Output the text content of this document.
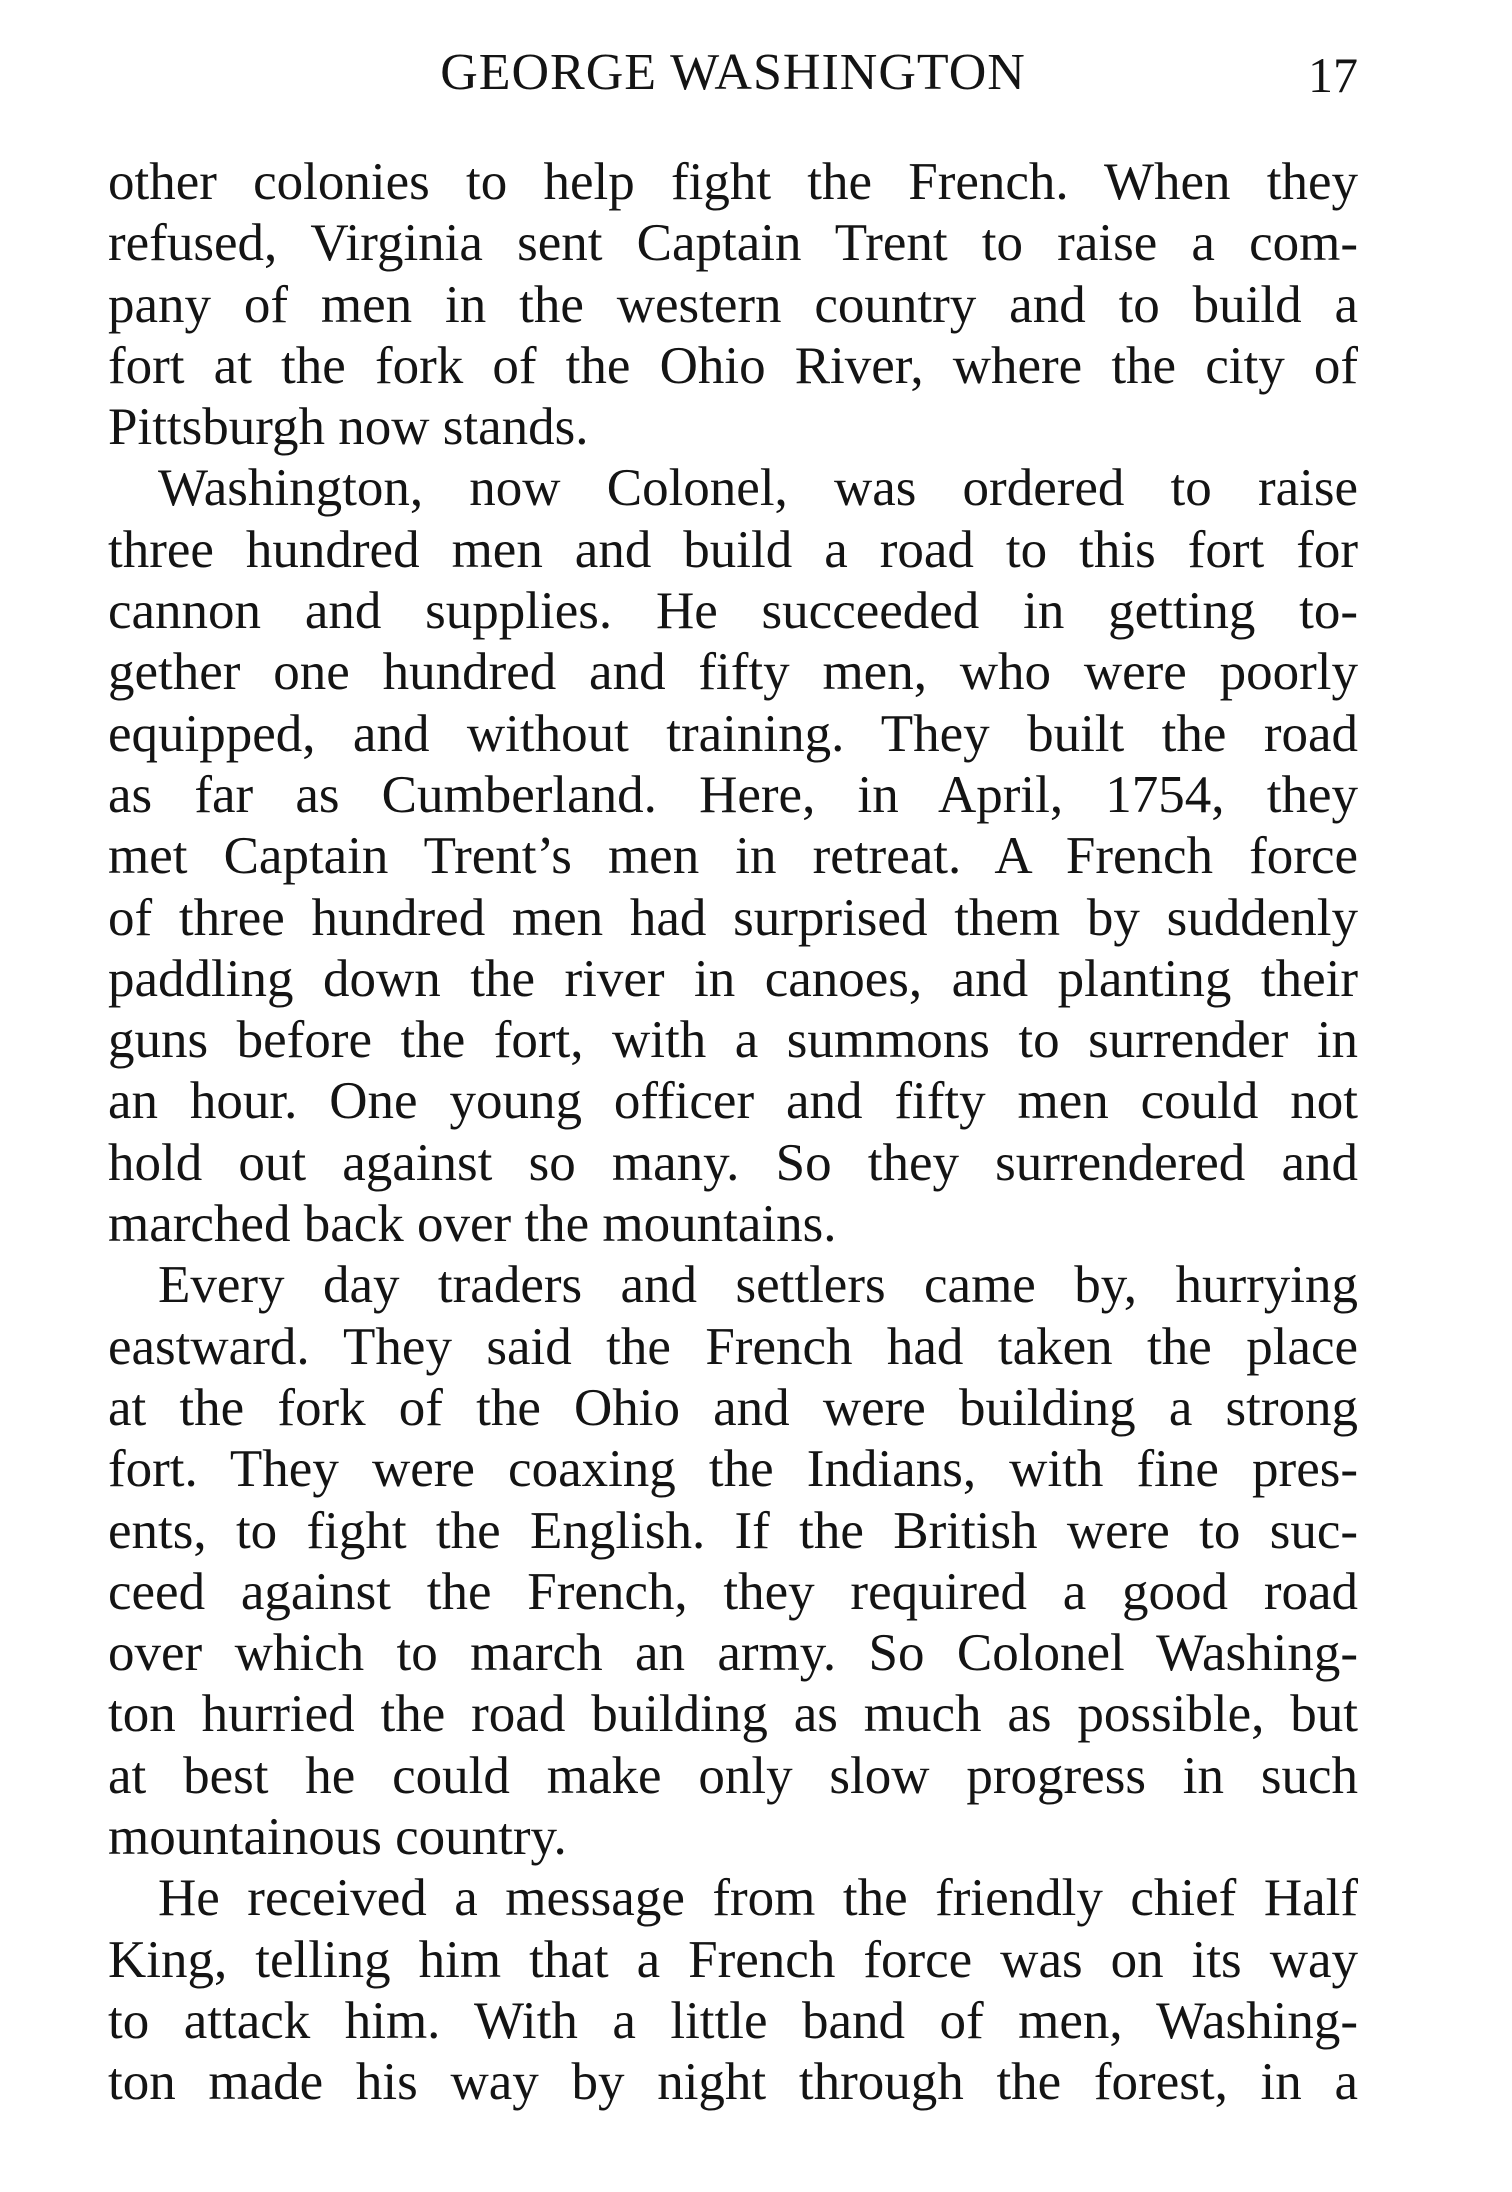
GEORGE WASHINGTON	17
other colonies to help fight the French. When they
refused, Virginia sent Captain Trent to raise a com-
pany of men in the western country and to build a
fort at the fork of the Ohio River, where the city of
Pittsburgh now stands.
Washington, now Colonel, was ordered to raise
three hundred men and build a road to this fort for
cannon and supplies. He succeeded in getting to-
gether one hundred and fifty men, who were poorly
equipped, and without training. They built the road
as far as Cumberland. Here, in April, 1754, they
met Captain Trent’s men in retreat. A French force
of three hundred men had surprised them by suddenly
paddling down the river in canoes, and planting their
guns before the fort, with a summons to surrender in
an hour. One young officer and fifty men could not
hold out against so many. So they surrendered and
marched back over the mountains.
Every day traders and settlers came by, hurrying
eastward. They said the French had taken the place
at the fork of the Ohio and were building a strong
fort. They were coaxing the Indians, with fine pres-
ents, to fight the English. If the British were to suc-
ceed against the French, they required a good road
over which to march an army. So Colonel Washing-
ton hurried the road building as much as possible, but
at best he could make only slow progress in such
mountainous country.
He received a message from the friendly chief Half
King, telling him that a French force was on its way
to attack him. With a little band of men, Washing-
ton made his way by night through the forest, in a
